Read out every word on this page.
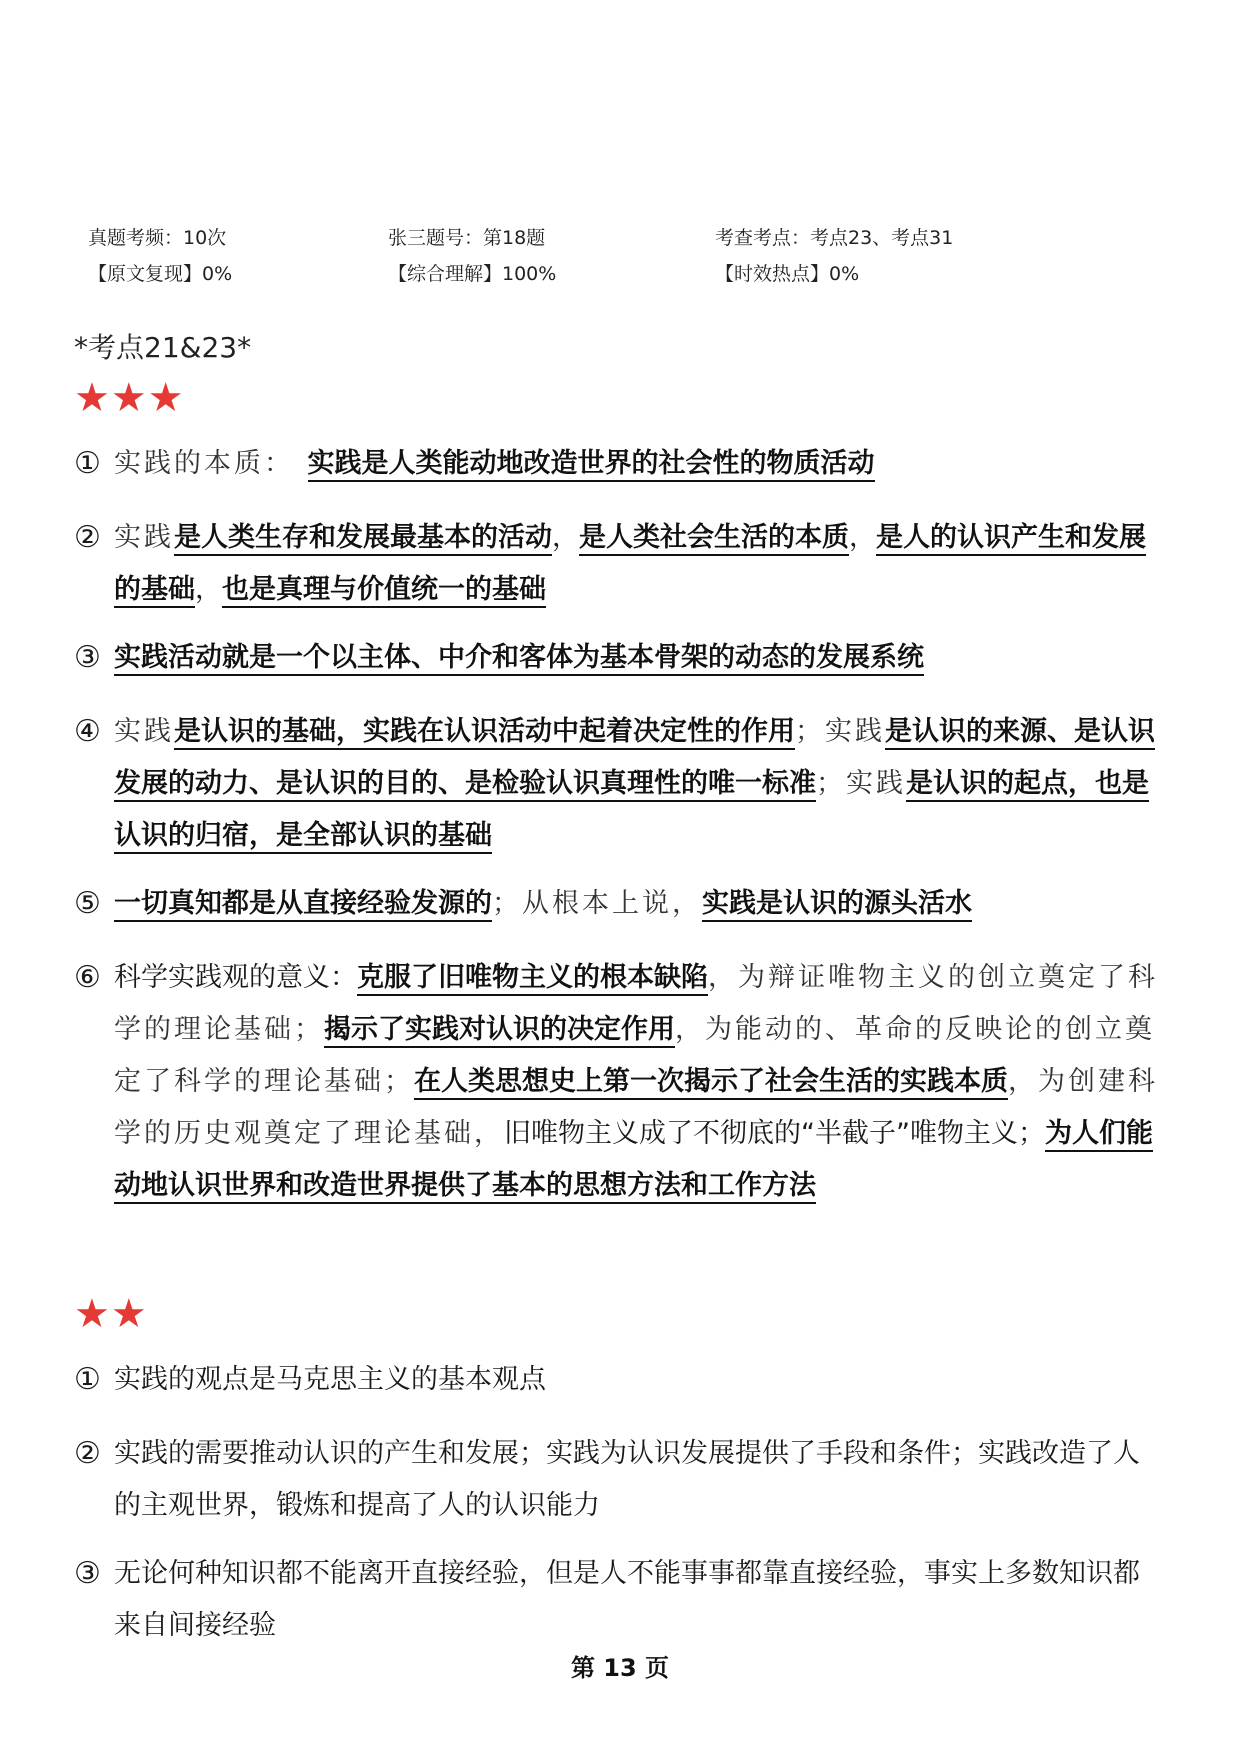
真题考频：10次	张三题号：第18题	考查考点：考点23、考点31
【原文复现】0%	【综合理解】100%	【时效热点】0%
*考点21&23*
★★★
① 实践的本质：　 实践是人类能动地改造世界的社会性的物质活动
② 实践是人类生存和发展最基本的活动，是人类社会生活的本质，是人的认识产生和发展的基础，也是真理与价值统一的基础
③ 实践活动就是一个以主体、中介和客体为基本骨架的动态的发展系统
④ 实践是认识的基础，实践在认识活动中起着决定性的作用；实践是认识的来源、是认识发展的动力、是认识的目的、是检验认识真理性的唯一标准；实践是认识的起点，也是认识的归宿，是全部认识的基础
⑤ 一切真知都是从直接经验发源的；从根本上说，实践是认识的源头活水
⑥ 科学实践观的意义：克服了旧唯物主义的根本缺陷，为辩证唯物主义的创立奠定了科学的理论基础；揭示了实践对认识的决定作用，为能动的、革命的反映论的创立奠定了科学的理论基础；在人类思想史上第一次揭示了社会生活的实践本质，为创建科学的历史观奠定了理论基础，旧唯物主义成了不彻底的“半截子”唯物主义；为人们能动地认识世界和改造世界提供了基本的思想方法和工作方法
★★
① 实践的观点是马克思主义的基本观点
② 实践的需要推动认识的产生和发展；实践为认识发展提供了手段和条件；实践改造了人的主观世界，锻炼和提高了人的认识能力
③ 无论何种知识都不能离开直接经验，但是人不能事事都靠直接经验，事实上多数知识都来自间接经验
第 13 页
